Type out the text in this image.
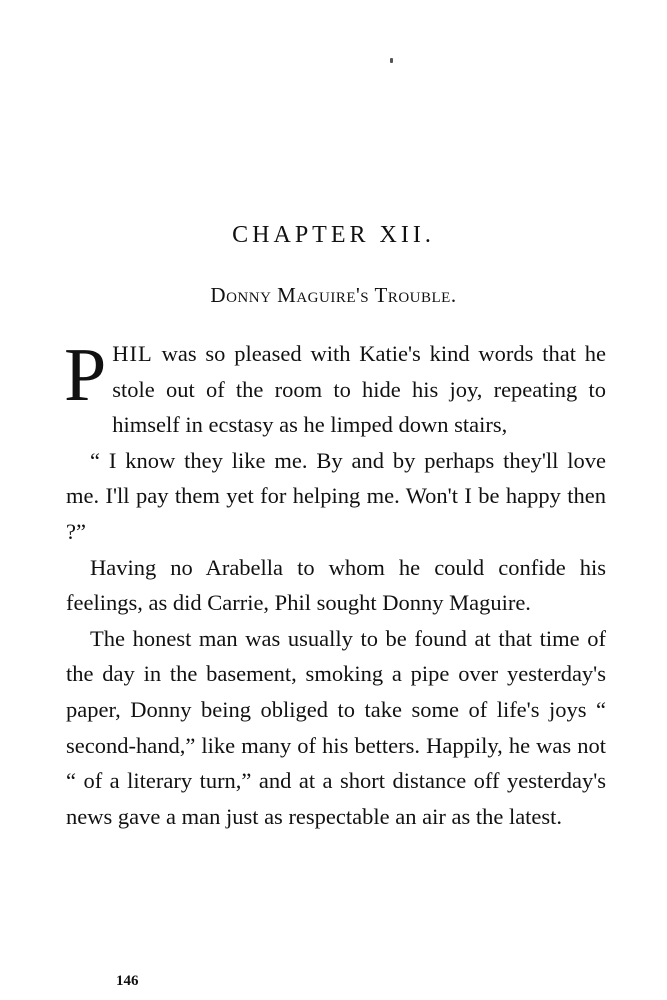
CHAPTER XII.
Donny Maguire's Trouble.

PHIL was so pleased with Katie's kind words that he stole out of the room to hide his joy, repeating to himself in ecstasy as he limped down stairs,

“ I know they like me. By and by perhaps they'll love me. I'll pay them yet for helping me. Won't I be happy then ?”

Having no Arabella to whom he could confide his feelings, as did Carrie, Phil sought Donny Maguire.

The honest man was usually to be found at that time of the day in the basement, smoking a pipe over yesterday's paper, Donny being obliged to take some of life's joys “ second-hand,” like many of his betters. Happily, he was not “ of a literary turn,” and at a short distance off yesterday's news gave a man just as respectable an air as the latest.

146
